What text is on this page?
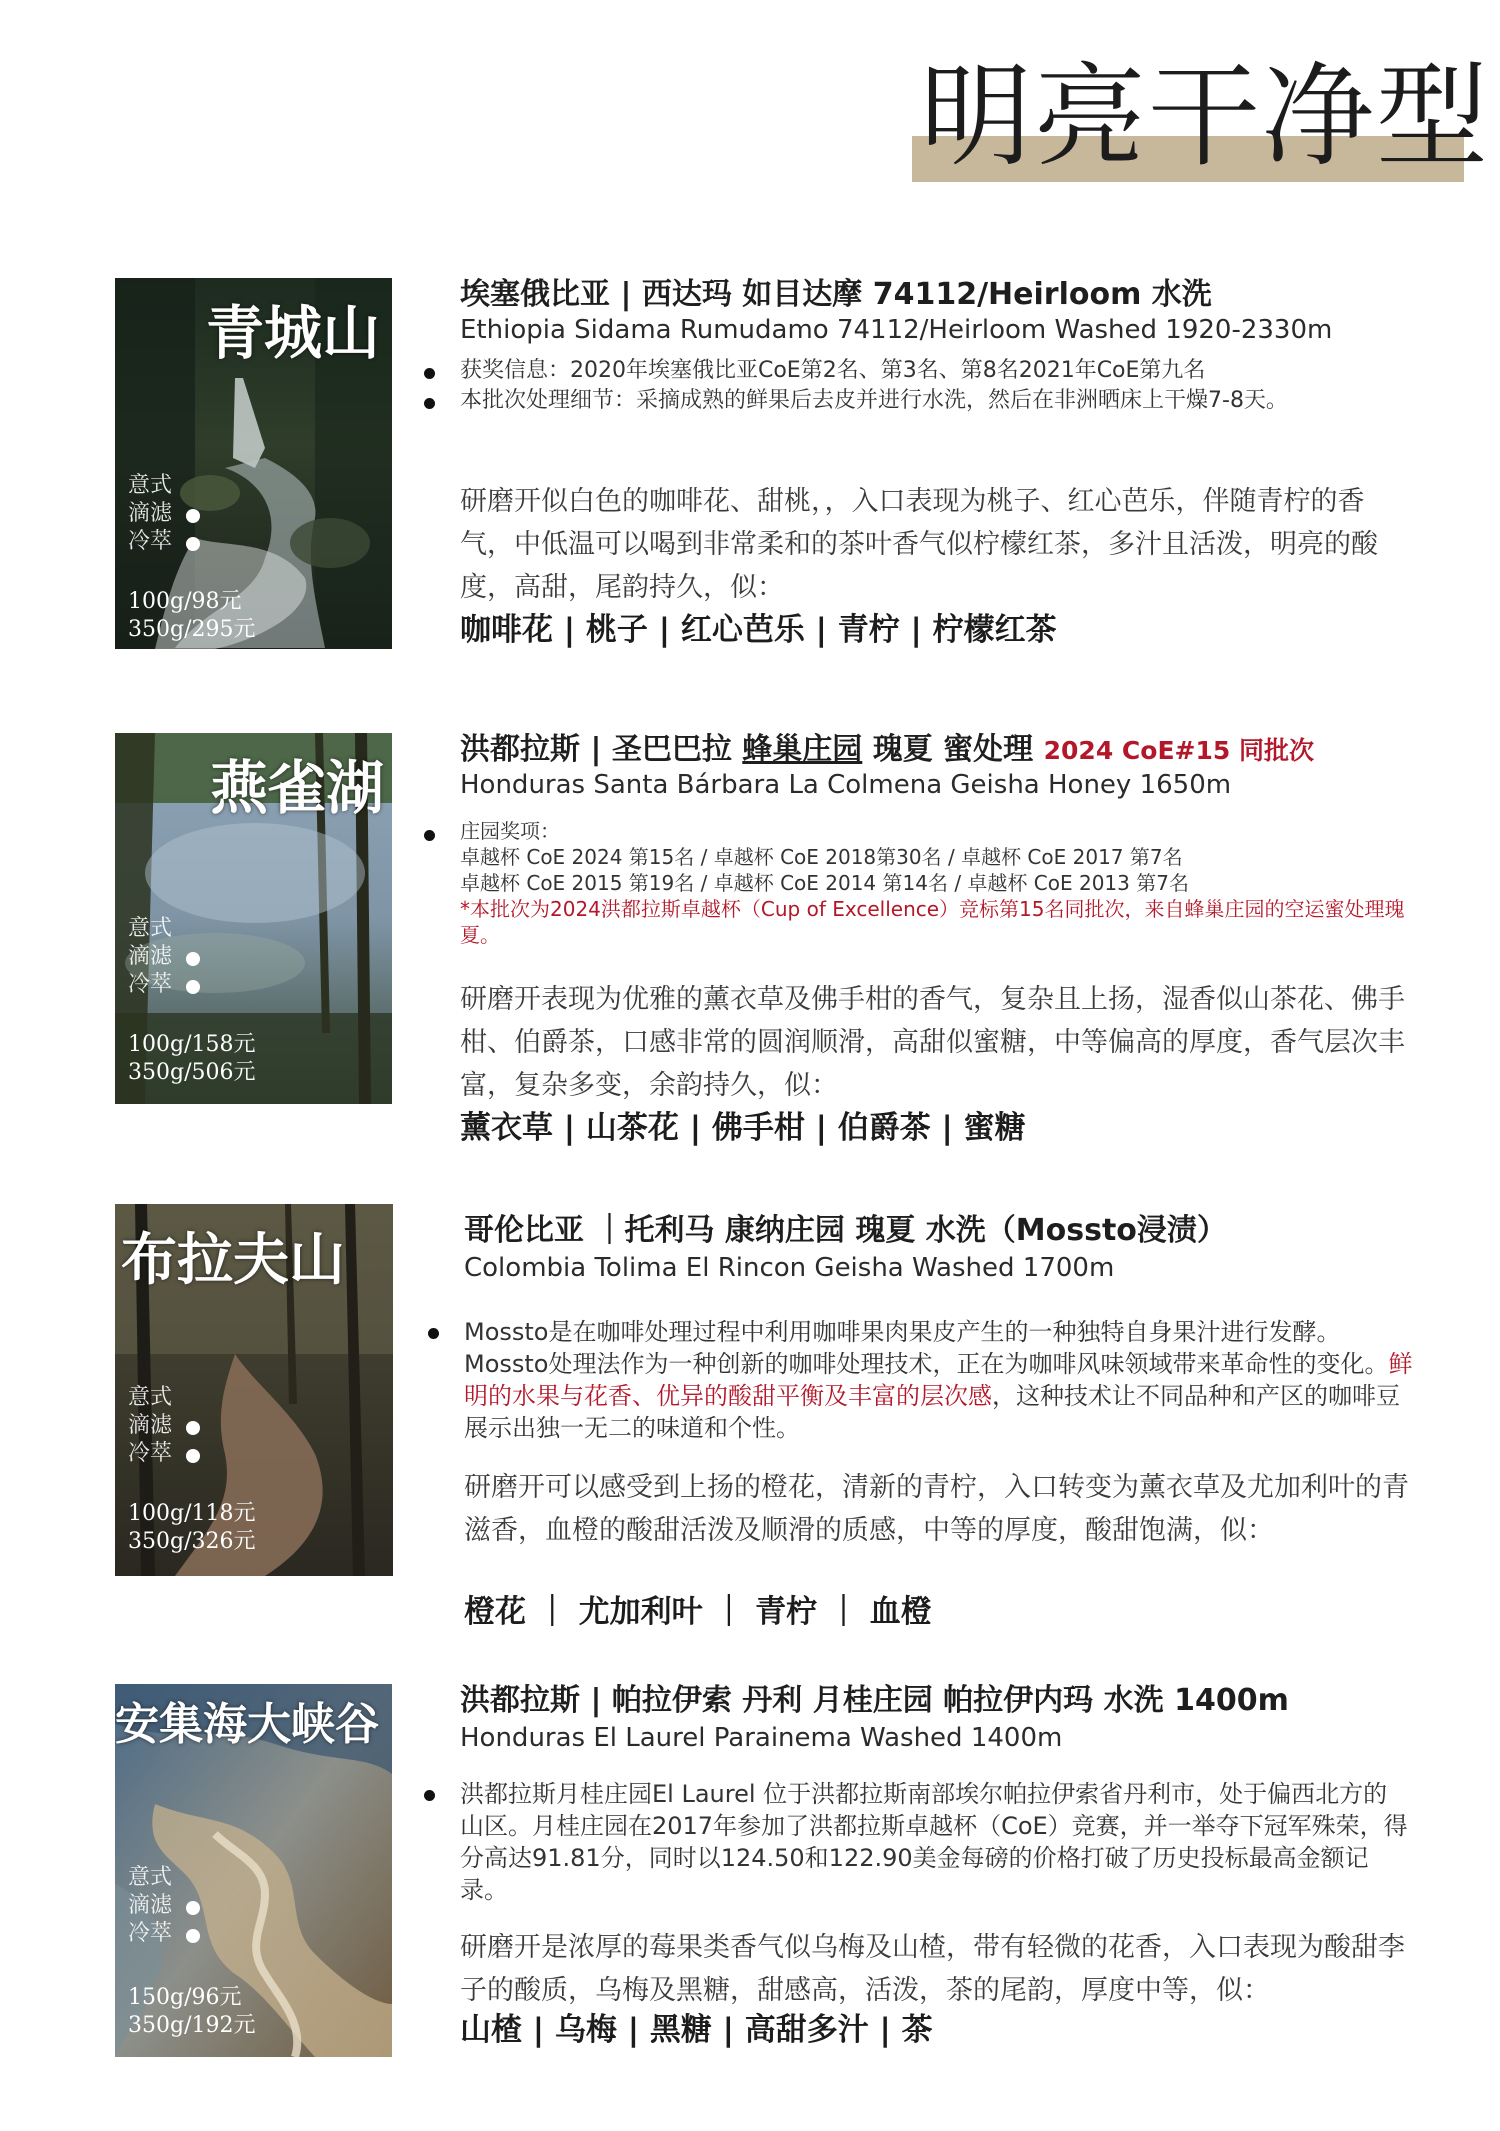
明亮干净型
青城山
意式
滴滤
冷萃
100g/98元
350g/295元
埃塞俄比亚 | 西达玛 如目达摩 74112/Heirloom 水洗
Ethiopia Sidama Rumudamo 74112/Heirloom Washed 1920-2330m
获奖信息：2020年埃塞俄比亚CoE第2名、第3名、第8名2021年CoE第九名
本批次处理细节：采摘成熟的鲜果后去皮并进行水洗，然后在非洲晒床上干燥7-8天。
研磨开似白色的咖啡花、甜桃，，入口表现为桃子、红心芭乐，伴随青柠的香气，中低温可以喝到非常柔和的茶叶香气似柠檬红茶，多汁且活泼，明亮的酸度，高甜，尾韵持久，似：
咖啡花 | 桃子 | 红心芭乐 | 青柠 | 柠檬红茶
燕雀湖
意式
滴滤
冷萃
100g/158元
350g/506元
洪都拉斯 | 圣巴巴拉 蜂巢庄园 瑰夏 蜜处理 2024 CoE#15 同批次
Honduras Santa Bárbara La Colmena Geisha Honey 1650m
庄园奖项：
卓越杯 CoE 2024 第15名 / 卓越杯 CoE 2018第30名 / 卓越杯 CoE 2017 第7名
卓越杯 CoE 2015 第19名 / 卓越杯 CoE 2014 第14名 / 卓越杯 CoE 2013 第7名
*本批次为2024洪都拉斯卓越杯（Cup of Excellence）竞标第15名同批次，来自蜂巢庄园的空运蜜处理瑰夏。
研磨开表现为优雅的薰衣草及佛手柑的香气，复杂且上扬，湿香似山茶花、佛手柑、伯爵茶，口感非常的圆润顺滑，高甜似蜜糖，中等偏高的厚度，香气层次丰富，复杂多变，余韵持久，似：
薰衣草 | 山茶花 | 佛手柑 | 伯爵茶 | 蜜糖
布拉夫山
意式
滴滤
冷萃
100g/118元
350g/326元
哥伦比亚 ｜托利马 康纳庄园 瑰夏 水洗（Mossto浸渍）
Colombia Tolima El Rincon Geisha Washed 1700m
Mossto是在咖啡处理过程中利用咖啡果肉果皮产生的一种独特自身果汁进行发酵。Mossto处理法作为一种创新的咖啡处理技术，正在为咖啡风味领域带来革命性的变化。鲜明的水果与花香、优异的酸甜平衡及丰富的层次感，这种技术让不同品种和产区的咖啡豆展示出独一无二的味道和个性。
研磨开可以感受到上扬的橙花，清新的青柠，入口转变为薰衣草及尤加利叶的青滋香，血橙的酸甜活泼及顺滑的质感，中等的厚度，酸甜饱满，似：
橙花 ｜ 尤加利叶 ｜ 青柠 ｜ 血橙
安集海大峡谷
意式
滴滤
冷萃
150g/96元
350g/192元
洪都拉斯 | 帕拉伊索 丹利 月桂庄园 帕拉伊内玛 水洗 1400m
Honduras El Laurel Parainema Washed 1400m
洪都拉斯月桂庄园El Laurel 位于洪都拉斯南部埃尔帕拉伊索省丹利市，处于偏西北方的山区。月桂庄园在2017年参加了洪都拉斯卓越杯（CoE）竞赛，并一举夺下冠军殊荣，得分高达91.81分，同时以124.50和122.90美金每磅的价格打破了历史投标最高金额记录。
研磨开是浓厚的莓果类香气似乌梅及山楂，带有轻微的花香，入口表现为酸甜李子的酸质，乌梅及黑糖，甜感高，活泼，茶的尾韵，厚度中等，似：
山楂 | 乌梅 | 黑糖 | 高甜多汁 | 茶
